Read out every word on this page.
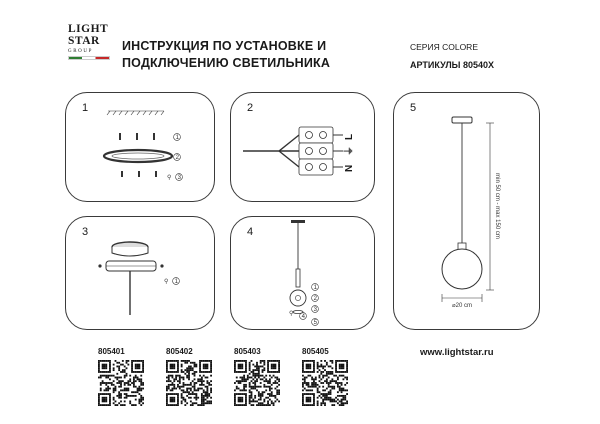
LIGHT
STAR
GROUP	ИНСТРУКЦИЯ ПО УСТАНОВКЕ И
ПОДКЛЮЧЕНИЮ СВЕТИЛЬНИКА
СЕРИЯ COLORE
АРТИКУЛЫ 80540X
1
1
2
⚲ 3
2
L
⏚
N
3
⚲ 1
4
1
2
3
4
5
⚲
5
min 50 cm - max 150 cm
⌀20 cm
805401	805402	805403	805405	www.lightstar.ru
